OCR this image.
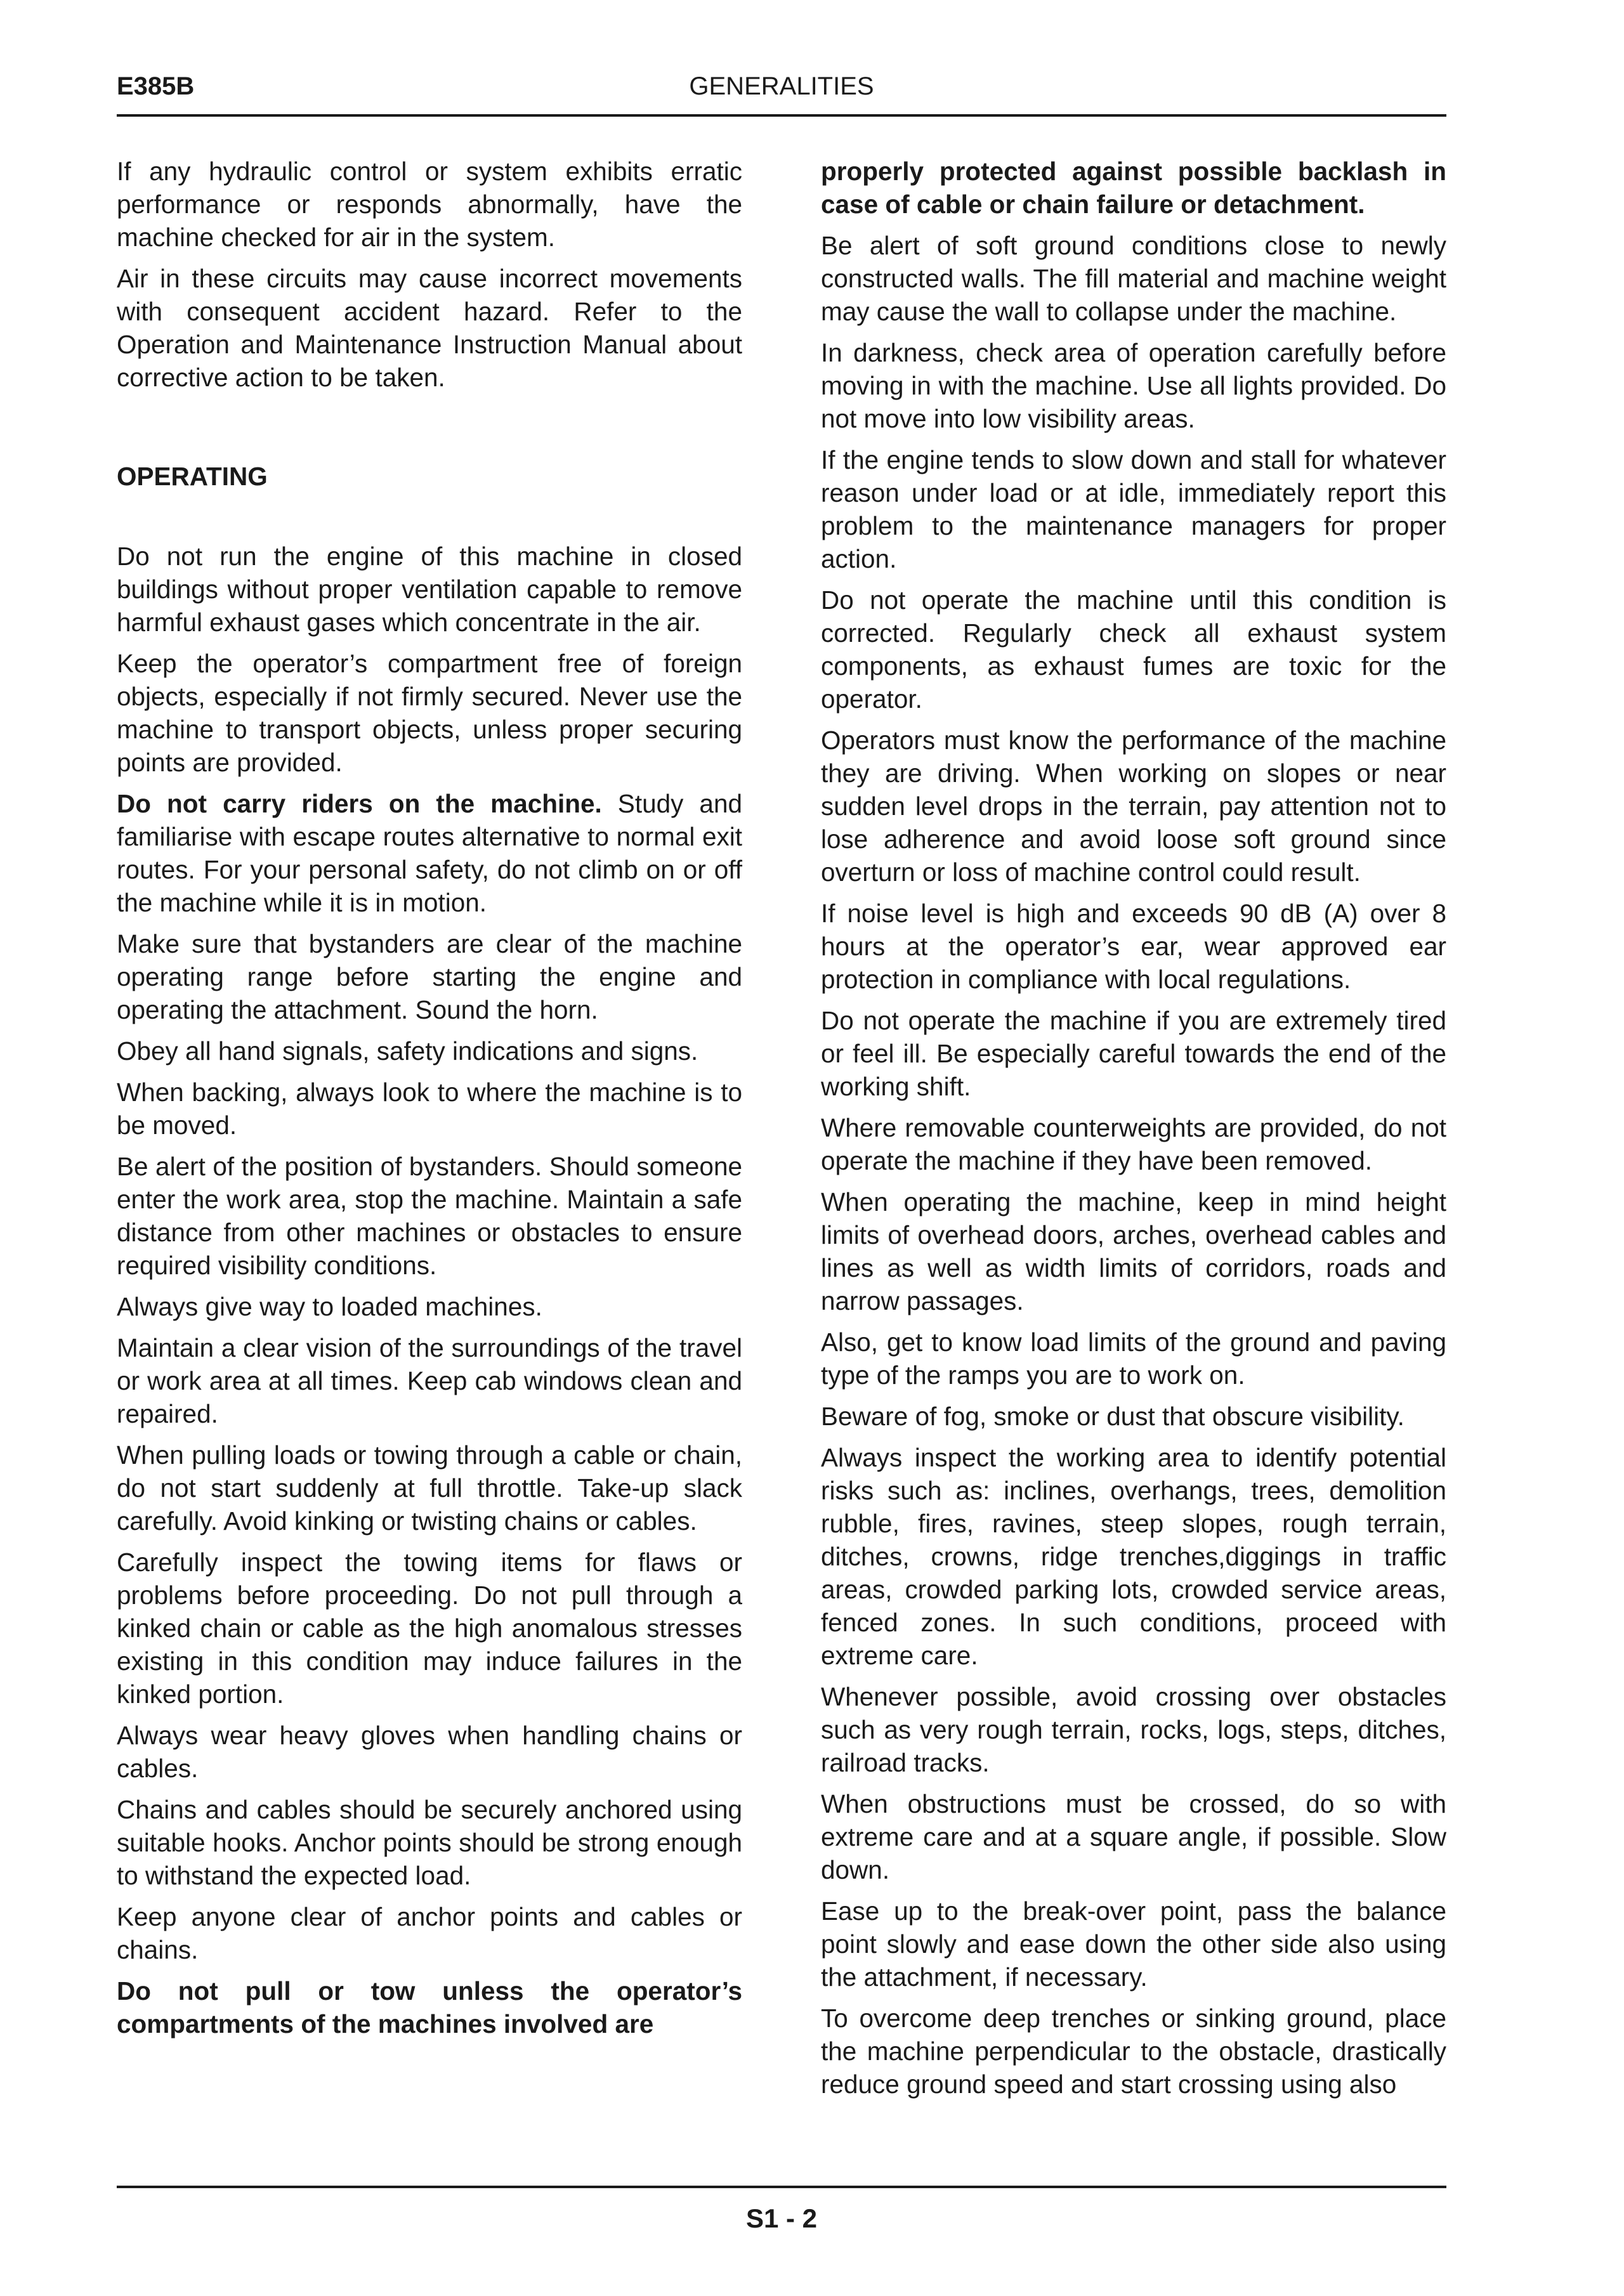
E385B	GENERALITIES

If any hydraulic control or system exhibits erratic performance or responds abnormally, have the machine checked for air in the system.

Air in these circuits may cause incorrect movements with consequent accident hazard. Refer to the Operation and Maintenance Instruction Manual about corrective action to be taken.

OPERATING

Do not run the engine of this machine in closed buildings without proper ventilation capable to remove harmful exhaust gases which concentrate in the air.

Keep the operator’s compartment free of foreign objects, especially if not firmly secured. Never use the machine to transport objects, unless proper securing points are provided.

Do not carry riders on the machine. Study and familiarise with escape routes alternative to normal exit routes. For your personal safety, do not climb on or off the machine while it is in motion.

Make sure that bystanders are clear of the machine operating range before starting the engine and operating the attachment. Sound the horn.

Obey all hand signals, safety indications and signs.

When backing, always look to where the machine is to be moved.

Be alert of the position of bystanders. Should someone enter the work area, stop the machine. Maintain a safe distance from other machines or obstacles to ensure required visibility conditions.

Always give way to loaded machines.

Maintain a clear vision of the surroundings of the travel or work area at all times. Keep cab windows clean and repaired.

When pulling loads or towing through a cable or chain, do not start suddenly at full throttle. Take-up slack carefully. Avoid kinking or twisting chains or cables.

Carefully inspect the towing items for flaws or problems before proceeding. Do not pull through a kinked chain or cable as the high anomalous stresses existing in this condition may induce failures in the kinked portion.

Always wear heavy gloves when handling chains or cables.

Chains and cables should be securely anchored using suitable hooks. Anchor points should be strong enough to withstand the expected load.

Keep anyone clear of anchor points and cables or chains.

Do not pull or tow unless the operator’s compartments of the machines involved are

properly protected against possible backlash in case of cable or chain failure or detachment.

Be alert of soft ground conditions close to newly constructed walls. The fill material and machine weight may cause the wall to collapse under the machine.

In darkness, check area of operation carefully before moving in with the machine. Use all lights provided. Do not move into low visibility areas.

If the engine tends to slow down and stall for whatever reason under load or at idle, immediately report this problem to the maintenance managers for proper action.

Do not operate the machine until this condition is corrected. Regularly check all exhaust system components, as exhaust fumes are toxic for the operator.

Operators must know the performance of the machine they are driving. When working on slopes or near sudden level drops in the terrain, pay attention not to lose adherence and avoid loose soft ground since overturn or loss of machine control could result.

If noise level is high and exceeds 90 dB (A) over 8 hours at the operator’s ear, wear approved ear protection in compliance with local regulations.

Do not operate the machine if you are extremely tired or feel ill. Be especially careful towards the end of the working shift.

Where removable counterweights are provided, do not operate the machine if they have been removed.

When operating the machine, keep in mind height limits of overhead doors, arches, overhead cables and lines as well as width limits of corridors, roads and narrow passages.

Also, get to know load limits of the ground and paving type of the ramps you are to work on.

Beware of fog, smoke or dust that obscure visibility.

Always inspect the working area to identify potential risks such as: inclines, overhangs, trees, demolition rubble, fires, ravines, steep slopes, rough terrain, ditches, crowns, ridge trenches,diggings in traffic areas, crowded parking lots, crowded service areas, fenced zones. In such conditions, proceed with extreme care.

Whenever possible, avoid crossing over obstacles such as very rough terrain, rocks, logs, steps, ditches, railroad tracks.

When obstructions must be crossed, do so with extreme care and at a square angle, if possible. Slow down.

Ease up to the break-over point, pass the balance point slowly and ease down the other side also using the attachment, if necessary.

To overcome deep trenches or sinking ground, place the machine perpendicular to the obstacle, drastically reduce ground speed and start crossing using also

S1 - 2
